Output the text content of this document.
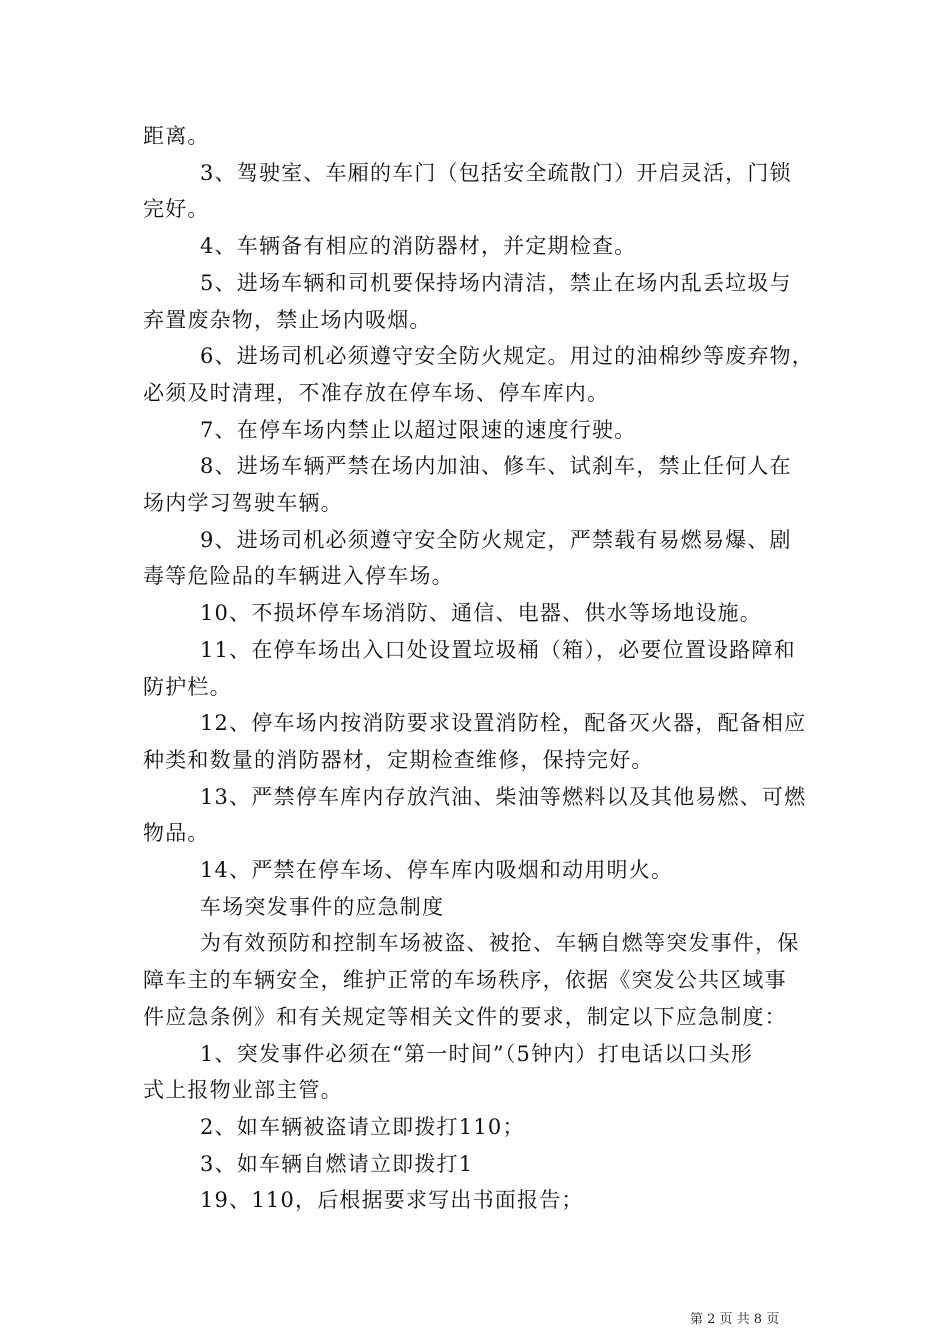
距离。

3、驾驶室、车厢的车门（包括安全疏散门）开启灵活，门锁

完好。

4、车辆备有相应的消防器材，并定期检查。

5、进场车辆和司机要保持场内清洁，禁止在场内乱丢垃圾与

弃置废杂物，禁止场内吸烟。

6、进场司机必须遵守安全防火规定。用过的油棉纱等废弃物，

必须及时清理，不准存放在停车场、停车库内。

7、在停车场内禁止以超过限速的速度行驶。

8、进场车辆严禁在场内加油、修车、试刹车，禁止任何人在

场内学习驾驶车辆。

9、进场司机必须遵守安全防火规定，严禁载有易燃易爆、剧

毒等危险品的车辆进入停车场。

10、不损坏停车场消防、通信、电器、供水等场地设施。

11、在停车场出入口处设置垃圾桶（箱），必要位置设路障和

防护栏。

12、停车场内按消防要求设置消防栓，配备灭火器，配备相应

种类和数量的消防器材，定期检查维修，保持完好。

13、严禁停车库内存放汽油、柴油等燃料以及其他易燃、可燃

物品。

14、严禁在停车场、停车库内吸烟和动用明火。

车场突发事件的应急制度

为有效预防和控制车场被盗、被抢、车辆自燃等突发事件，保

障车主的车辆安全，维护正常的车场秩序，依据《突发公共区域事

件应急条例》和有关规定等相关文件的要求，制定以下应急制度：

1、突发事件必须在“第一时间”（5钟内）打电话以口头形

式上报物业部主管。

2、如车辆被盗请立即拨打110；

3、如车辆自燃请立即拨打1

19、110，后根据要求写出书面报告；

第 2 页 共 8 页
